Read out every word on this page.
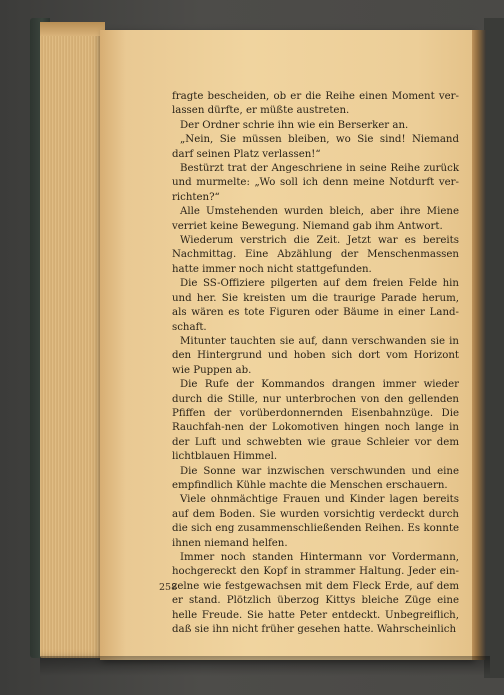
fragte bescheiden, ob er die Reihe einen Moment ver-lassen dürfte, er müßte austreten.

Der Ordner schrie ihn wie ein Berserker an.

„Nein, Sie müssen bleiben, wo Sie sind! Niemand darf seinen Platz verlassen!“

Bestürzt trat der Angeschriene in seine Reihe zurück und murmelte: „Wo soll ich denn meine Notdurft ver-richten?“

Alle Umstehenden wurden bleich, aber ihre Miene verriet keine Bewegung. Niemand gab ihm Antwort.

Wiederum verstrich die Zeit. Jetzt war es bereits Nachmittag. Eine Abzählung der Menschenmassen hatte immer noch nicht stattgefunden.

Die SS-Offiziere pilgerten auf dem freien Felde hin und her. Sie kreisten um die traurige Parade herum, als wären es tote Figuren oder Bäume in einer Land-schaft.

Mitunter tauchten sie auf, dann verschwanden sie in den Hintergrund und hoben sich dort vom Horizont wie Puppen ab.

Die Rufe der Kommandos drangen immer wieder durch die Stille, nur unterbrochen von den gellenden Pfiffen der vorüberdonnernden Eisenbahnzüge. Die Rauchfah-nen der Lokomotiven hingen noch lange in der Luft und schwebten wie graue Schleier vor dem lichtblauen Himmel.

Die Sonne war inzwischen verschwunden und eine empfindlich Kühle machte die Menschen erschauern.

Viele ohnmächtige Frauen und Kinder lagen bereits auf dem Boden. Sie wurden vorsichtig verdeckt durch die sich eng zusammenschließenden Reihen. Es konnte ihnen niemand helfen.

Immer noch standen Hintermann vor Vordermann, hochgereckt den Kopf in strammer Haltung. Jeder ein-zelne wie festgewachsen mit dem Fleck Erde, auf dem er stand. Plötzlich überzog Kittys bleiche Züge eine helle Freude. Sie hatte Peter entdeckt. Unbegreiflich, daß sie ihn nicht früher gesehen hatte. Wahrscheinlich

258
